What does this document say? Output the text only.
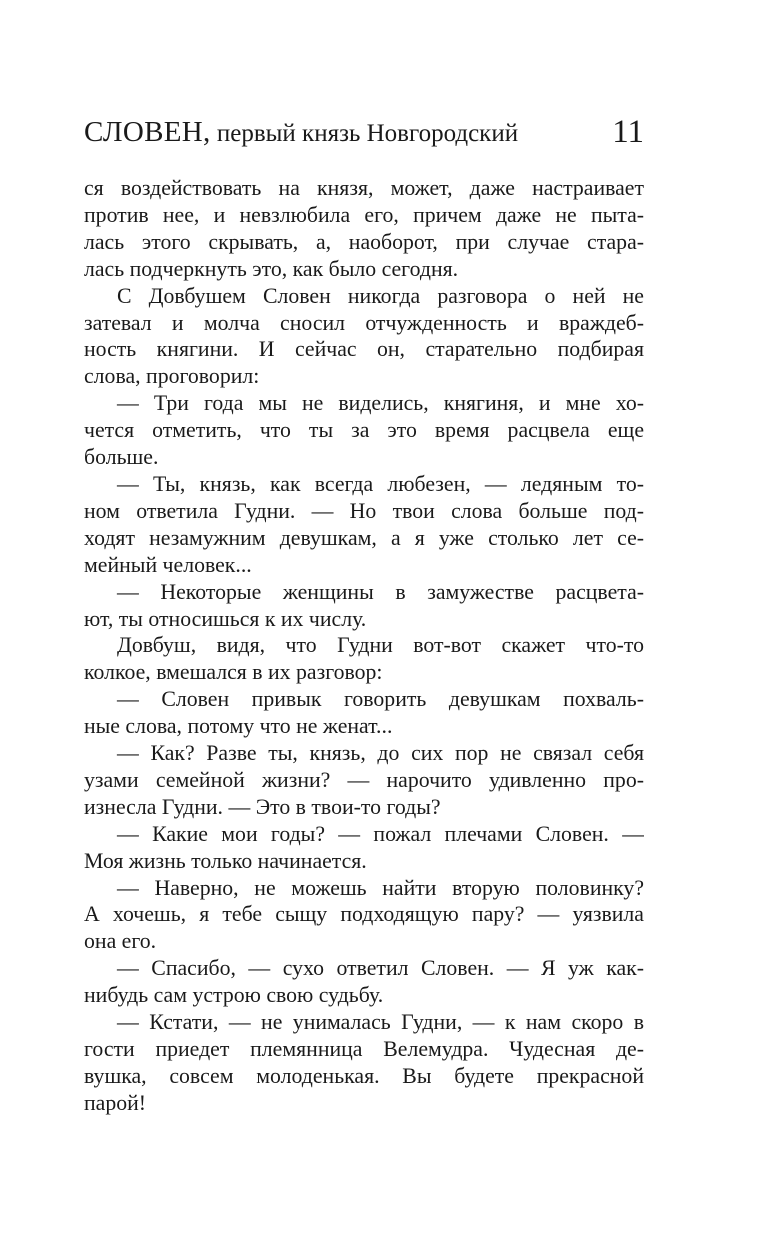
СЛОВЕН, первый князь Новгородский	11
ся воздействовать на князя, может, даже настраивает
против нее, и невзлюбила его, причем даже не пыта-
лась этого скрывать, а, наоборот, при случае стара-
лась подчеркнуть это, как было сегодня.
С Довбушем Словен никогда разговора о ней не
затевал и молча сносил отчужденность и враждеб-
ность княгини. И сейчас он, старательно подбирая
слова, проговорил:
— Три года мы не виделись, княгиня, и мне хо-
чется отметить, что ты за это время расцвела еще
больше.
— Ты, князь, как всегда любезен, — ледяным то-
ном ответила Гудни. — Но твои слова больше под-
ходят незамужним девушкам, а я уже столько лет се-
мейный человек...
— Некоторые женщины в замужестве расцвета-
ют, ты относишься к их числу.
Довбуш, видя, что Гудни вот-вот скажет что-то
колкое, вмешался в их разговор:
— Словен привык говорить девушкам похваль-
ные слова, потому что не женат...
— Как? Разве ты, князь, до сих пор не связал себя
узами семейной жизни? — нарочито удивленно про-
изнесла Гудни. — Это в твои-то годы?
— Какие мои годы? — пожал плечами Словен. —
Моя жизнь только начинается.
— Наверно, не можешь найти вторую половинку?
А хочешь, я тебе сыщу подходящую пару? — уязвила
она его.
— Спасибо, — сухо ответил Словен. — Я уж как-
нибудь сам устрою свою судьбу.
— Кстати, — не унималась Гудни, — к нам скоро в
гости приедет племянница Велемудра. Чудесная де-
вушка, совсем молоденькая. Вы будете прекрасной
парой!
